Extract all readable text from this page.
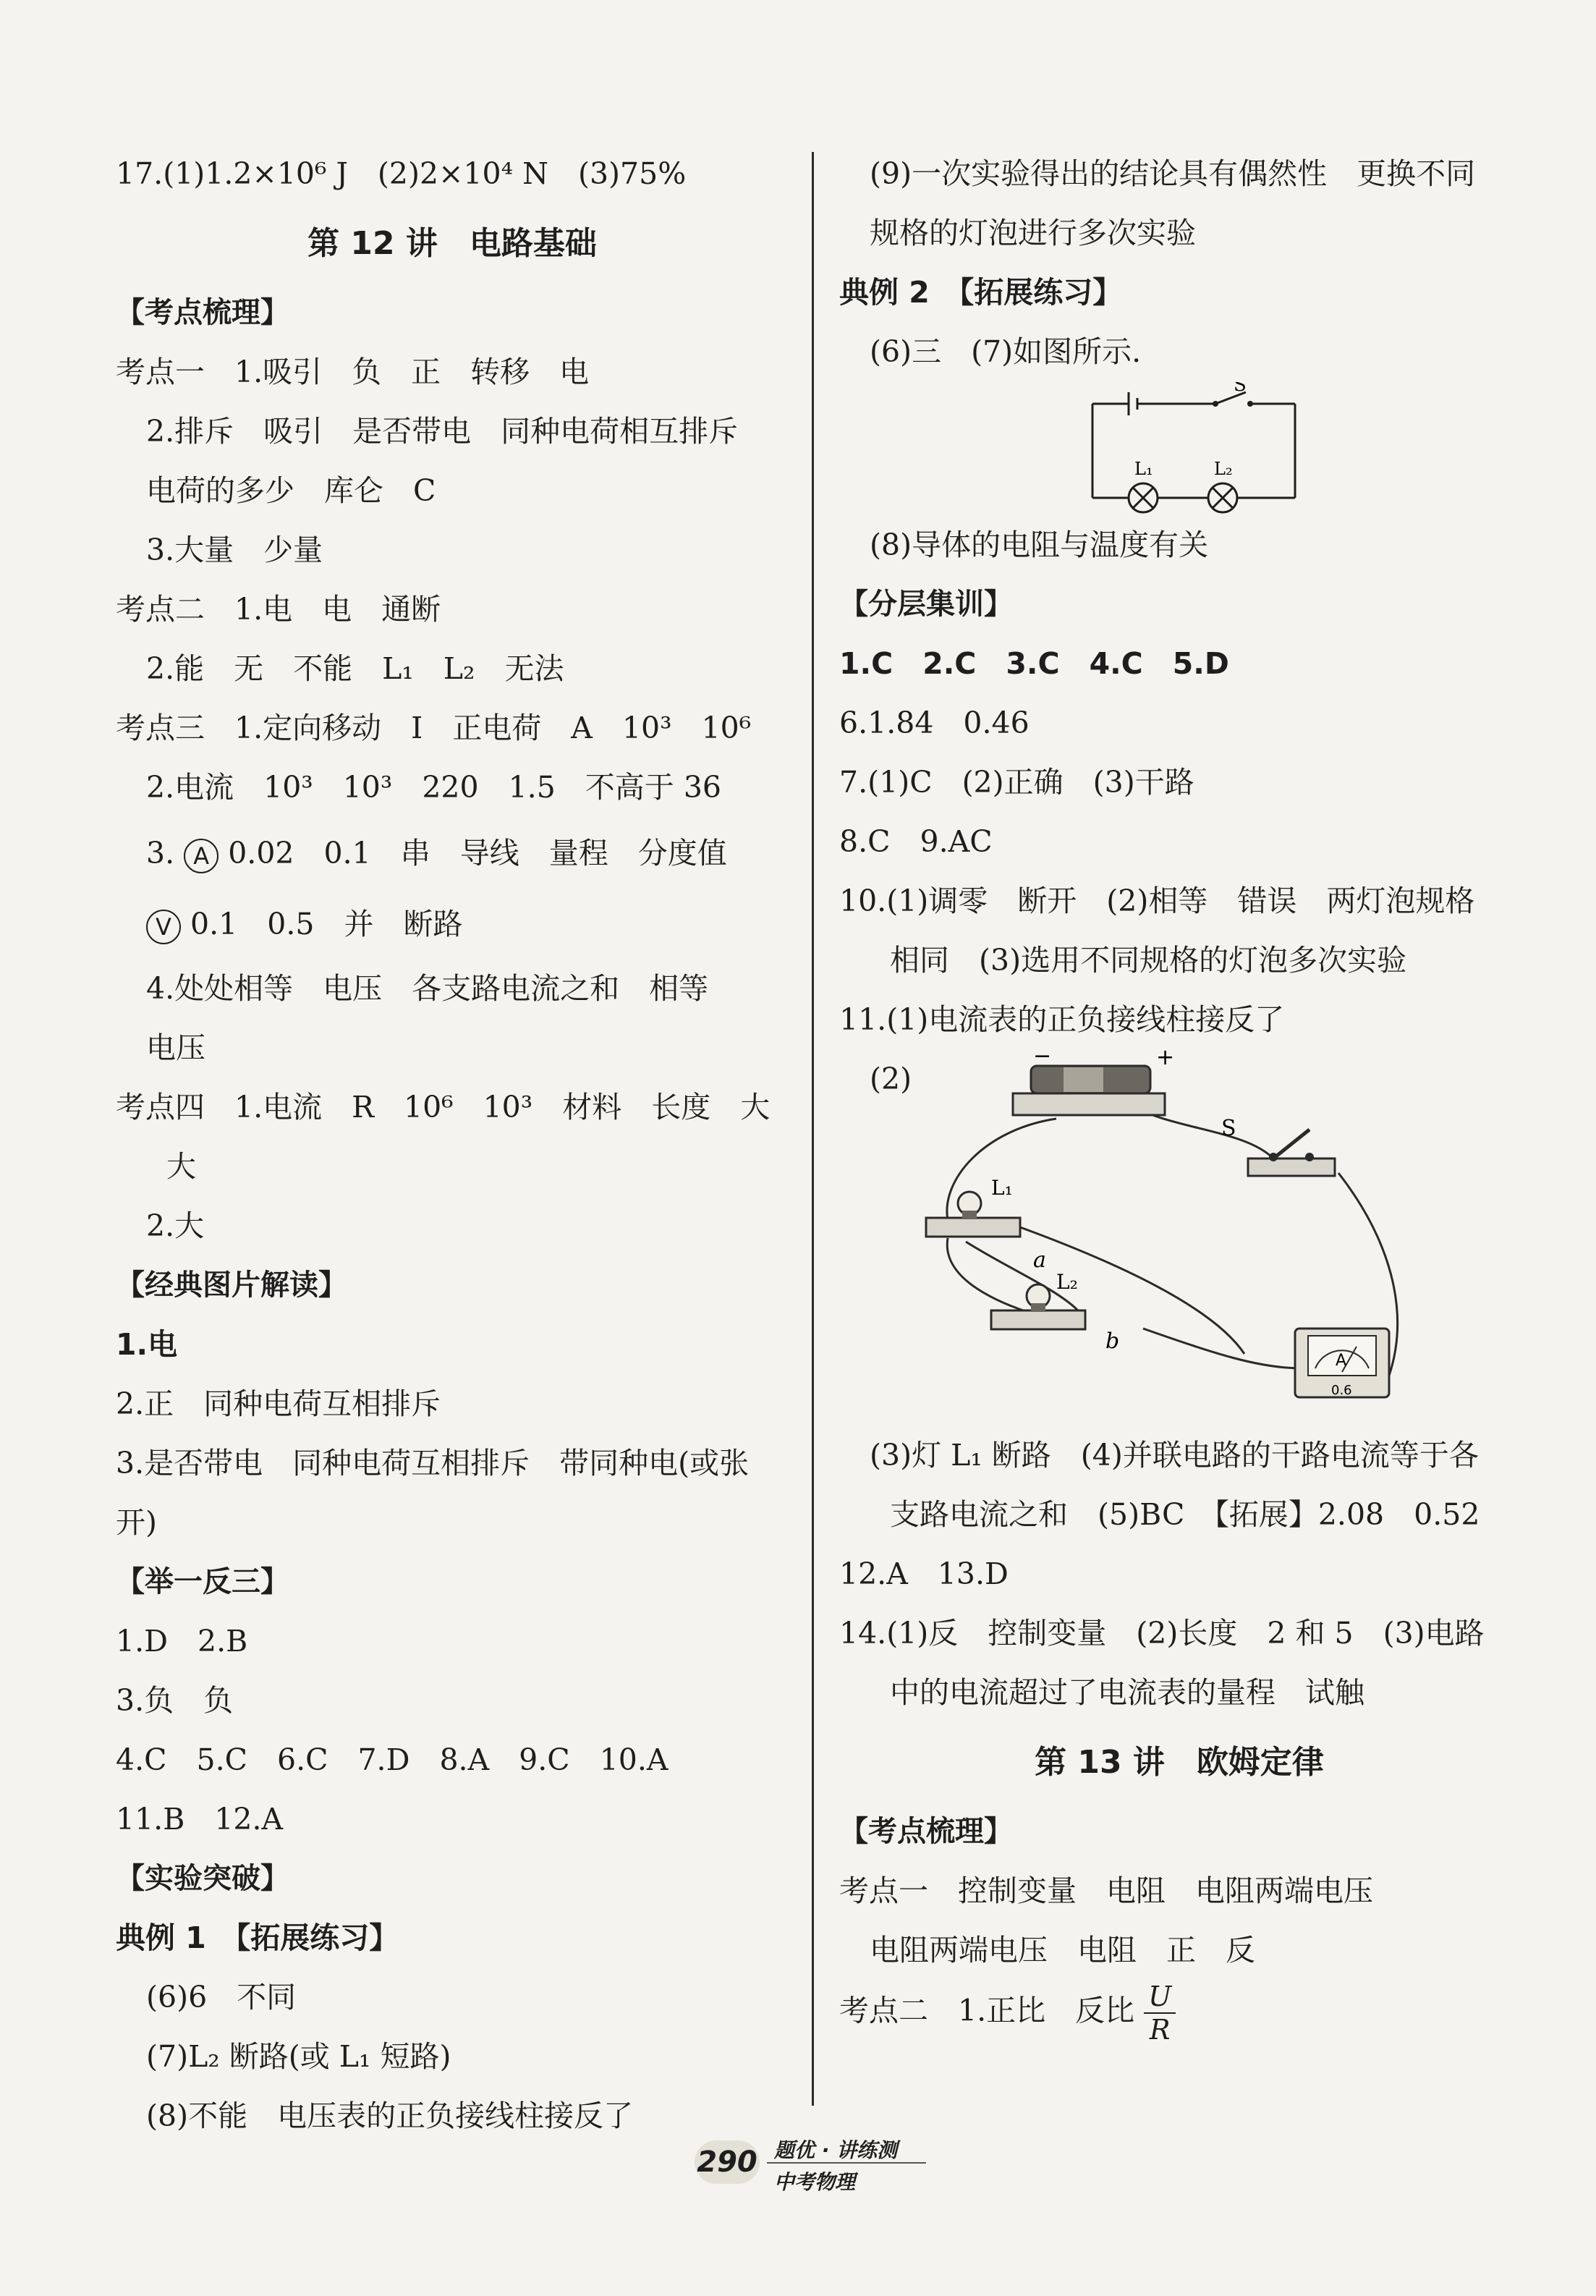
17.(1)1.2×10⁶ J　(2)2×10⁴ N　(3)75%
第 12 讲　电路基础
【考点梳理】
考点一　1.吸引　负　正　转移　电
2.排斥　吸引　是否带电　同种电荷相互排斥
电荷的多少　库仑　C
3.大量　少量
考点二　1.电　电　通断
2.能　无　不能　L₁　L₂　无法
考点三　1.定向移动　I　正电荷　A　10³　10⁶
2.电流　10³　10³　220　1.5　不高于 36
3. A 0.02　0.1　串　导线　量程　分度值
V 0.1　0.5　并　断路
4.处处相等　电压　各支路电流之和　相等
电压
考点四　1.电流　R　10⁶　10³　材料　长度　大
大
2.大
【经典图片解读】
1.电
2.正　同种电荷互相排斥
3.是否带电　同种电荷互相排斥　带同种电(或张
开)
【举一反三】
1.D　2.B
3.负　负
4.C　5.C　6.C　7.D　8.A　9.C　10.A
11.B　12.A
【实验突破】
典例 1　【拓展练习】
(6)6　不同
(7)L₂ 断路(或 L₁ 短路)
(8)不能　电压表的正负接线柱接反了
(9)一次实验得出的结论具有偶然性　更换不同
规格的灯泡进行多次实验
典例 2　【拓展练习】
(6)三　(7)如图所示.
S
L₁	L₂
(8)导体的电阻与温度有关
【分层集训】
1.C　2.C　3.C　4.C　5.D
6.1.84　0.46
7.(1)C　(2)正确　(3)干路
8.C　9.AC
10.(1)调零　断开　(2)相等　错误　两灯泡规格
相同　(3)选用不同规格的灯泡多次实验
11.(1)电流表的正负接线柱接反了
(2)
−	+
S
L₁
L₂
a
b
A
0.6
(3)灯 L₁ 断路　(4)并联电路的干路电流等于各
支路电流之和　(5)BC　【拓展】2.08　0.52
12.A　13.D
14.(1)反　控制变量　(2)长度　2 和 5　(3)电路
中的电流超过了电流表的量程　试触
第 13 讲　欧姆定律
【考点梳理】
考点一　控制变量　电阻　电阻两端电压
电阻两端电压　电阻　正　反
考点二　1.正比　反比 $\frac{U}{R}$
290 题优 · 讲练测
中考物理
